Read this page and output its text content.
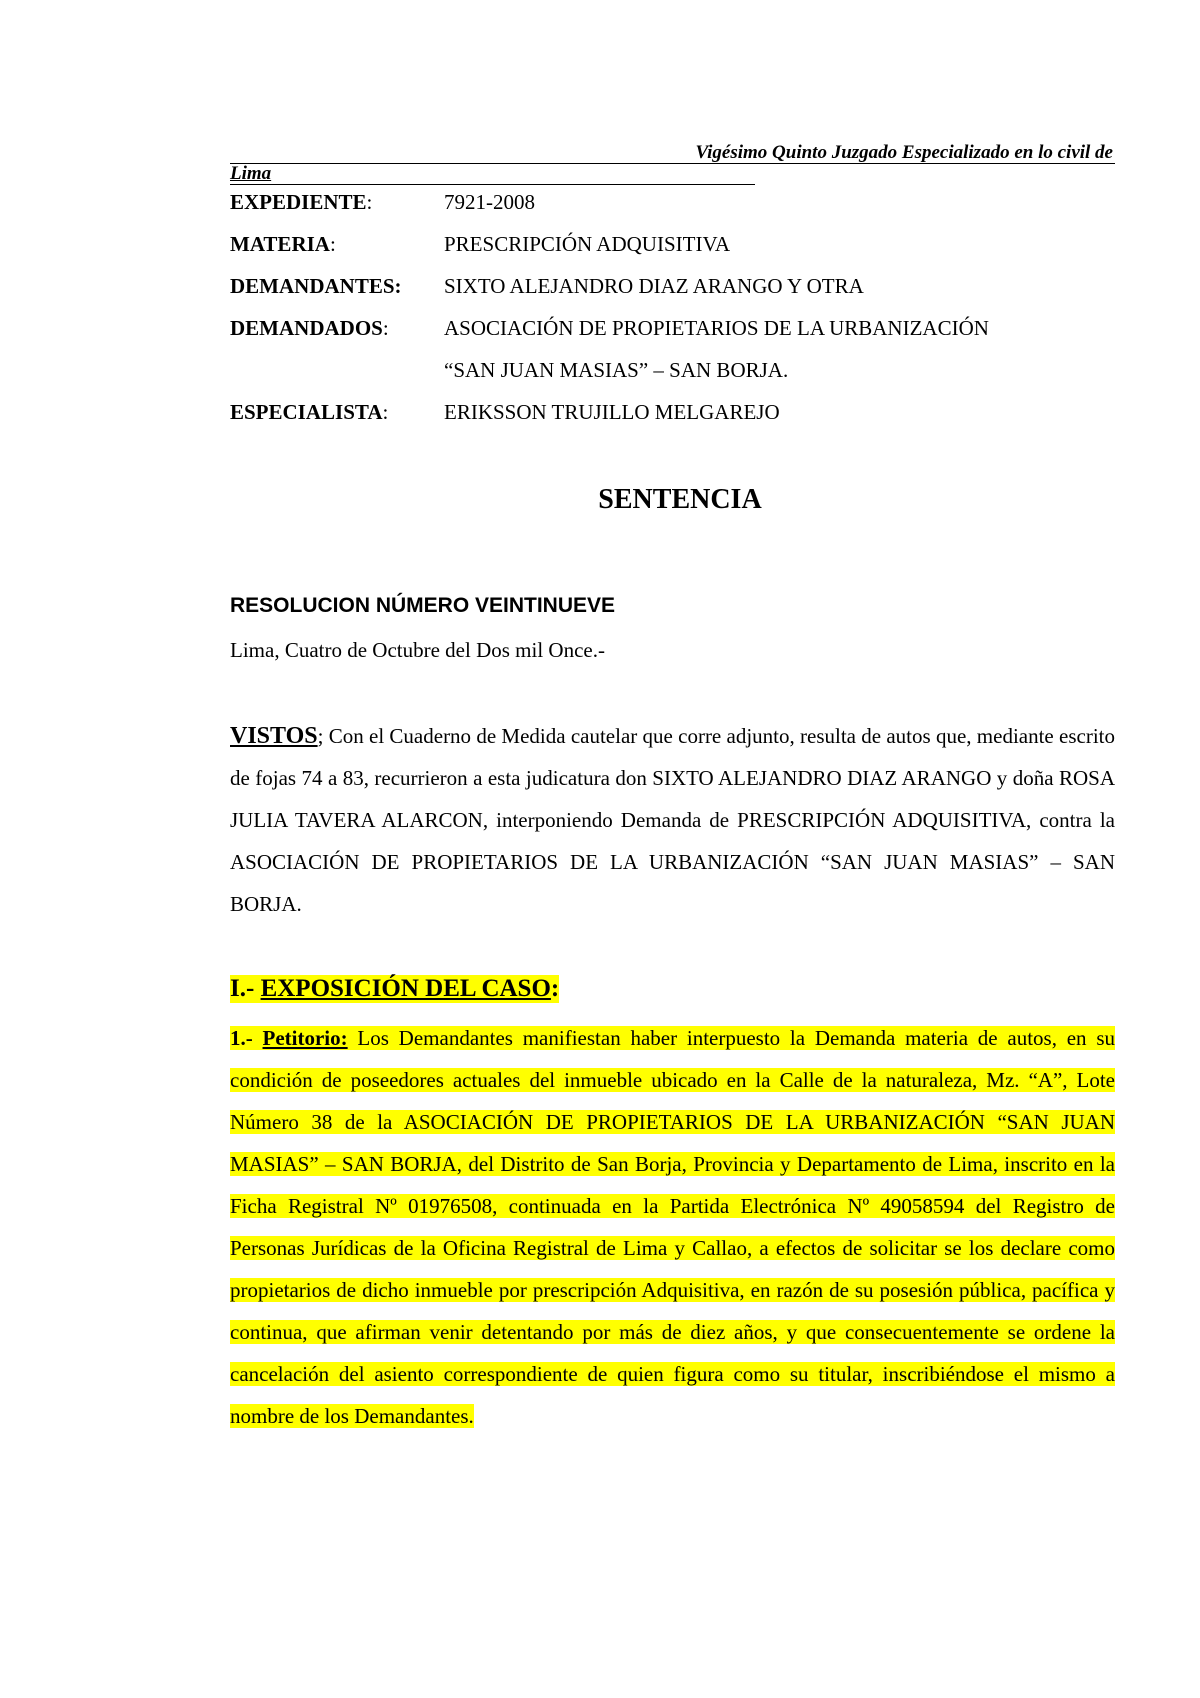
Vigésimo Quinto Juzgado Especializado en lo civil de
Lima
EXPEDIENTE:	7921-2008
MATERIA:	PRESCRIPCIÓN ADQUISITIVA
DEMANDANTES: SIXTO ALEJANDRO DIAZ ARANGO Y OTRA
DEMANDADOS:	ASOCIACIÓN DE PROPIETARIOS DE LA URBANIZACIÓN
“SAN JUAN MASIAS” – SAN BORJA.
ESPECIALISTA:	ERIKSSON TRUJILLO MELGAREJO
SENTENCIA
RESOLUCION NÚMERO VEINTINUEVE
Lima, Cuatro de Octubre del Dos mil Once.-
VISTOS; Con el Cuaderno de Medida cautelar que corre adjunto, resulta de autos que, mediante escrito de fojas 74 a 83, recurrieron a esta judicatura don SIXTO ALEJANDRO DIAZ ARANGO y doña ROSA JULIA TAVERA ALARCON, interponiendo Demanda de PRESCRIPCIÓN ADQUISITIVA, contra la ASOCIACIÓN DE PROPIETARIOS DE LA URBANIZACIÓN “SAN JUAN MASIAS” – SAN BORJA.
I.- EXPOSICIÓN DEL CASO:
1.- Petitorio: Los Demandantes manifiestan haber interpuesto la Demanda materia de autos, en su condición de poseedores actuales del inmueble ubicado en la Calle de la naturaleza, Mz. “A”, Lote Número 38 de la ASOCIACIÓN DE PROPIETARIOS DE LA URBANIZACIÓN “SAN JUAN MASIAS” – SAN BORJA, del Distrito de San Borja, Provincia y Departamento de Lima, inscrito en la Ficha Registral Nº 01976508, continuada en la Partida Electrónica Nº 49058594 del Registro de Personas Jurídicas de la Oficina Registral de Lima y Callao, a efectos de solicitar se los declare como propietarios de dicho inmueble por prescripción Adquisitiva, en razón de su posesión pública, pacífica y continua, que afirman venir detentando por más de diez años, y que consecuentemente se ordene la cancelación del asiento correspondiente de quien figura como su titular, inscribiéndose el mismo a nombre de los Demandantes.
